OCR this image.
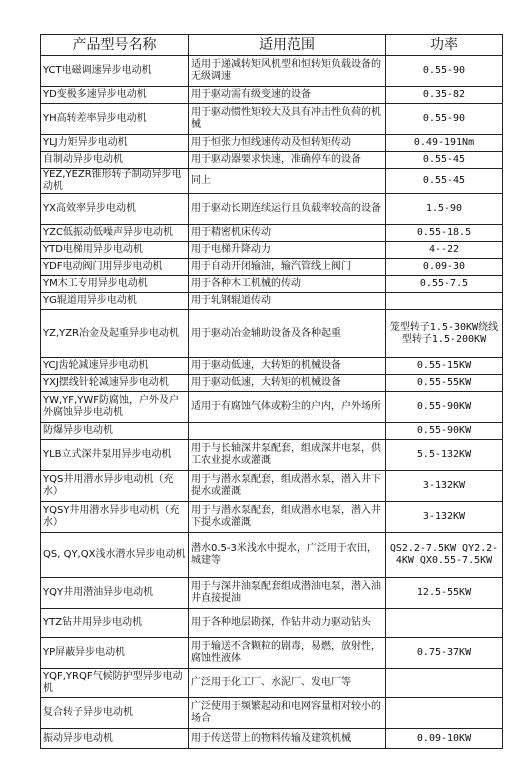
产品型号名称	适用范围	功率
YCT电磁调速异步电动机	适用于递减转矩风机型和恒转矩负载设备的无级调速	0.55-90
YD变极多速异步电动机	用于驱动需有级变速的设备	0.35-82
YH高转差率异步电动机	用于驱动惯性矩较大及具有冲击性负荷的机械	0.55-90
YLJ力矩异步电动机	用于恒张力恒线速传动及恒转矩传动	0.49-191Nm
自制动异步电动机	用于驱动器要求快速，准确停车的设备	0.55-45
YEZ,YEZR锥形转子制动异步电动机	同上	0.55-45
YX高效率异步电动机	用于驱动长期连续运行且负载率较高的设备	1.5-90
YZC低振动低噪声异步电动机	用于精密机床传动	0.55-18.5
YTD电梯用异步电动机	用于电梯升降动力	4--22
YDF电动阀门用异步电动机	用于自动开闭输油，输汽管线上阀门	0.09-30
YM木工专用异步电动机	用于各种木工机械的传动	0.55-7.5
YG辊道用异步电动机	用于轧钢辊道传动	
YZ,YZR冶金及起重异步电动机	用于驱动冶金辅助设备及各种起重	笼型转子1.5-30KW绕线型转子1.5-200KW
YCJ齿轮减速异步电动机	用于驱动低速，大转矩的机械设备	0.55-15KW
YXJ摆线针轮减速异步电动机	用于驱动低速，大转矩的机械设备	0.55-55KW
YW,YF,YWF防腐蚀，户外及户外腐蚀异步电动机	适用于有腐蚀气体或粉尘的户内，户外场所	0.55-90KW
防爆异步电动机		0.55-90KW
YLB立式深井泵用异步电动机	用于与长轴深井泵配套，组成深井电泵，供工农业提水或灌溉	5.5-132KW
YQS井用潜水异步电动机（充水）	用于与潜水泵配套，组成潜水泵，潜入井下提水或灌溉	3-132KW
YQSY井用潜水异步电动机（充水）	用于与潜水泵配套，组成潜水电泵，潜入井下提水或灌溉	3-132KW
QS, QY,QX浅水潜水异步电动机	潜水0.5-3米浅水中提水，广泛用于农田，城建等	QS2.2-7.5KW QY2.2-4KW QX0.55-7.5KW
YQY井用潜油异步电动机	用于与深井油泵配套组成潜油电泵，潜入油井直接提油	12.5-55KW
YTZ钻井用异步电动机	用于各种地层勘探，作钻井动力驱动钻头	
YP屏蔽异步电动机	用于输送不含颗粒的剧毒，易燃，放射性，腐蚀性液体	0.75-37KW
YQF,YRQF气候防护型异步电动机	广泛用于化工厂、水泥厂、发电厂等	
复合转子异步电动机	广泛使用于频繁起动和电网容量相对较小的场合	
振动异步电动机	用于传送带上的物料传输及建筑机械	0.09-10KW
